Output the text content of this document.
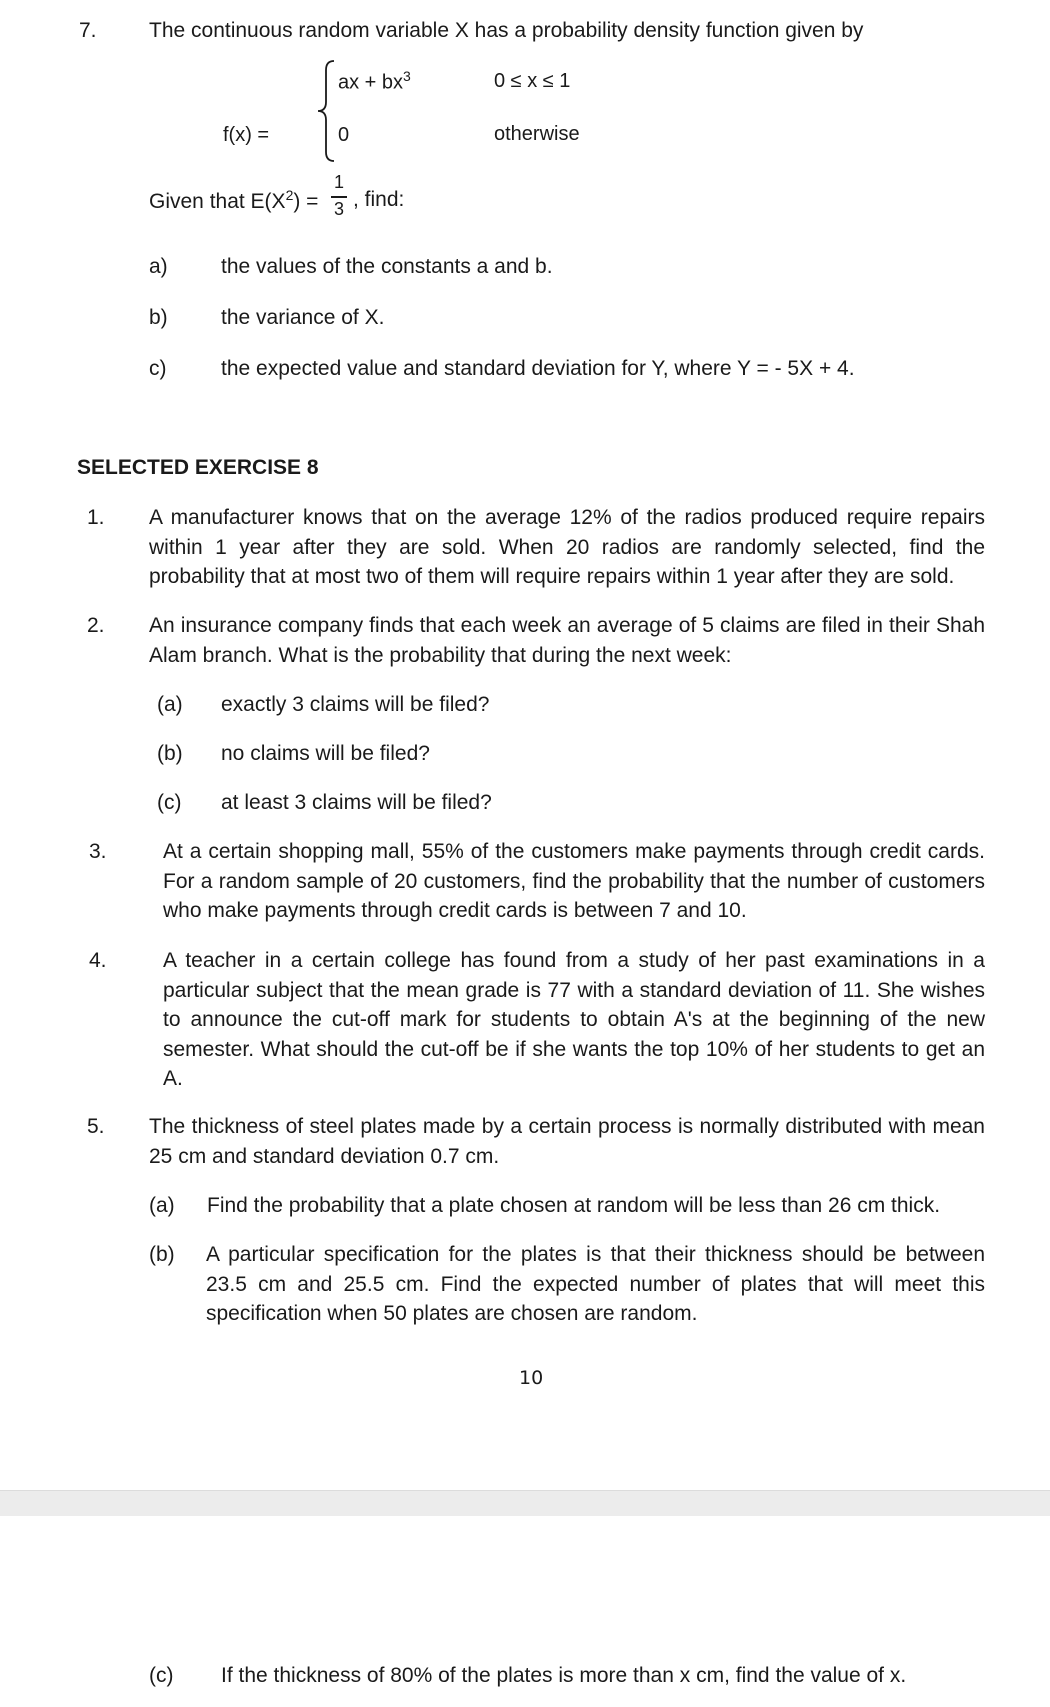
7. The continuous random variable X has a probability density function given by
ax + $bx^3$	0 ≤ x ≤ 1
f(x) =	0	otherwise
Given that $E(X^2)$ =
1
3 , find:
a)	the values of the constants a and b.
b)	the variance of X.
c)	the expected value and standard deviation for Y, where Y = - 5X + 4.
SELECTED EXERCISE 8
1. A manufacturer knows that on the average 12% of the radios produced require repairs within 1 year after they are sold. When 20 radios are randomly selected, find the probability that at most two of them will require repairs within 1 year after they are sold.
2. An insurance company finds that each week an average of 5 claims are filed in their Shah Alam branch. What is the probability that during the next week:
(a) exactly 3 claims will be filed?
(b) no claims will be filed?
(c) at least 3 claims will be filed?
3.	At a certain shopping mall, 55% of the customers make payments through credit cards. For a random sample of 20 customers, find the probability that the number of customers who make payments through credit cards is between 7 and 10.
4.	A teacher in a certain college has found from a study of her past examinations in a particular subject that the mean grade is 77 with a standard deviation of 11. She wishes to announce the cut-off mark for students to obtain A's at the beginning of the new semester. What should the cut-off be if she wants the top 10% of her students to get an A.
5. The thickness of steel plates made by a certain process is normally distributed with mean 25 cm and standard deviation 0.7 cm.
(a) Find the probability that a plate chosen at random will be less than 26 cm thick.
(b) A particular specification for the plates is that their thickness should be between 23.5 cm and 25.5 cm. Find the expected number of plates that will meet this specification when 50 plates are chosen are random.
10
(c) If the thickness of 80% of the plates is more than x cm, find the value of x.
